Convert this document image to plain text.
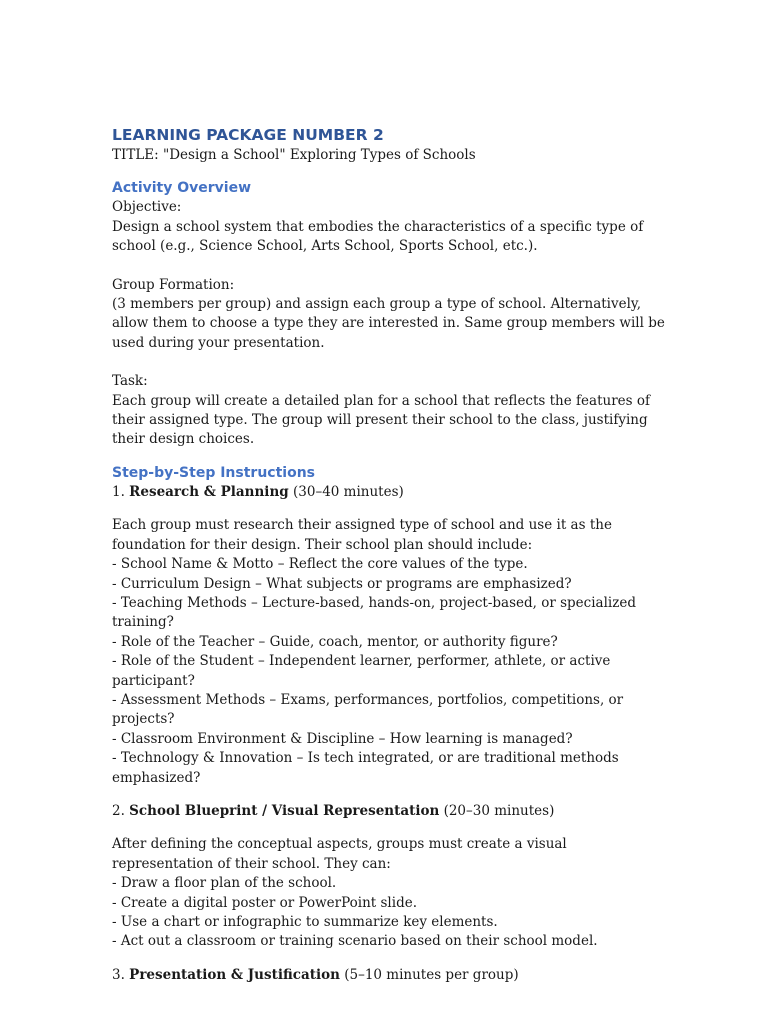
LEARNING PACKAGE NUMBER 2

TITLE: "Design a School" Exploring Types of Schools

Activity Overview

Objective:

Design a school system that embodies the characteristics of a specific type of school (e.g., Science School, Arts School, Sports School, etc.).

Group Formation:

(3 members per group) and assign each group a type of school. Alternatively, allow them to choose a type they are interested in. Same group members will be used during your presentation.

Task:

Each group will create a detailed plan for a school that reflects the features of their assigned type. The group will present their school to the class, justifying their design choices.

Step-by-Step Instructions

1. Research & Planning (30–40 minutes)

Each group must research their assigned type of school and use it as the foundation for their design. Their school plan should include:

- School Name & Motto – Reflect the core values of the type.
- Curriculum Design – What subjects or programs are emphasized?
- Teaching Methods – Lecture-based, hands-on, project-based, or specialized training?
- Role of the Teacher – Guide, coach, mentor, or authority figure?
- Role of the Student – Independent learner, performer, athlete, or active participant?
- Assessment Methods – Exams, performances, portfolios, competitions, or projects?
- Classroom Environment & Discipline – How learning is managed?
- Technology & Innovation – Is tech integrated, or are traditional methods emphasized?

2. School Blueprint / Visual Representation (20–30 minutes)

After defining the conceptual aspects, groups must create a visual representation of their school. They can:

- Draw a floor plan of the school.
- Create a digital poster or PowerPoint slide.
- Use a chart or infographic to summarize key elements.
- Act out a classroom or training scenario based on their school model.

3. Presentation & Justification (5–10 minutes per group)
